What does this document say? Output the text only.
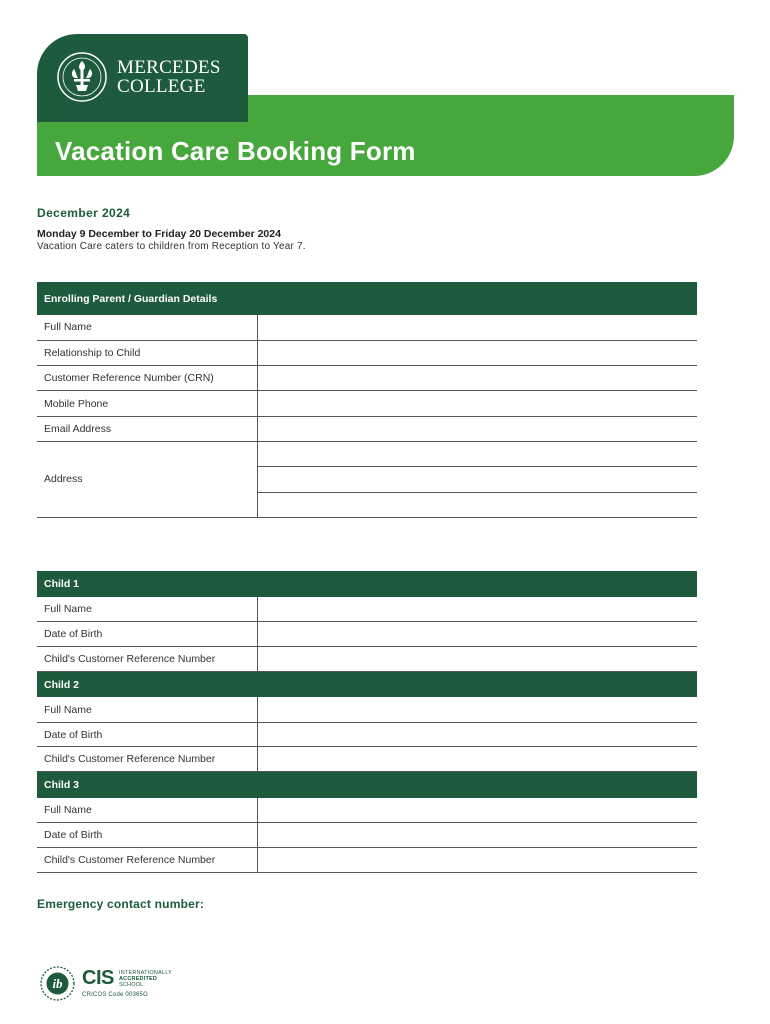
MERCEDES
COLLEGE
Vacation Care Booking Form
December 2024
Monday 9 December to Friday 20 December 2024
Vacation Care caters to children from Reception to Year 7.
Enrolling Parent / Guardian Details	
Full Name	
Relationship to Child	
Customer Reference Number (CRN)	
Mobile Phone	
Email Address	
Address	

Child 1	
Full Name	
Date of Birth	
Child's Customer Reference Number	
Child 2	
Full Name	
Date of Birth	
Child's Customer Reference Number	
Child 3	
Full Name	
Date of Birth	
Child's Customer Reference Number	
Emergency contact number:
ib CIS INTERNATIONALLY
ACCREDITED
SCHOOL
CRICOS Code 00365G
